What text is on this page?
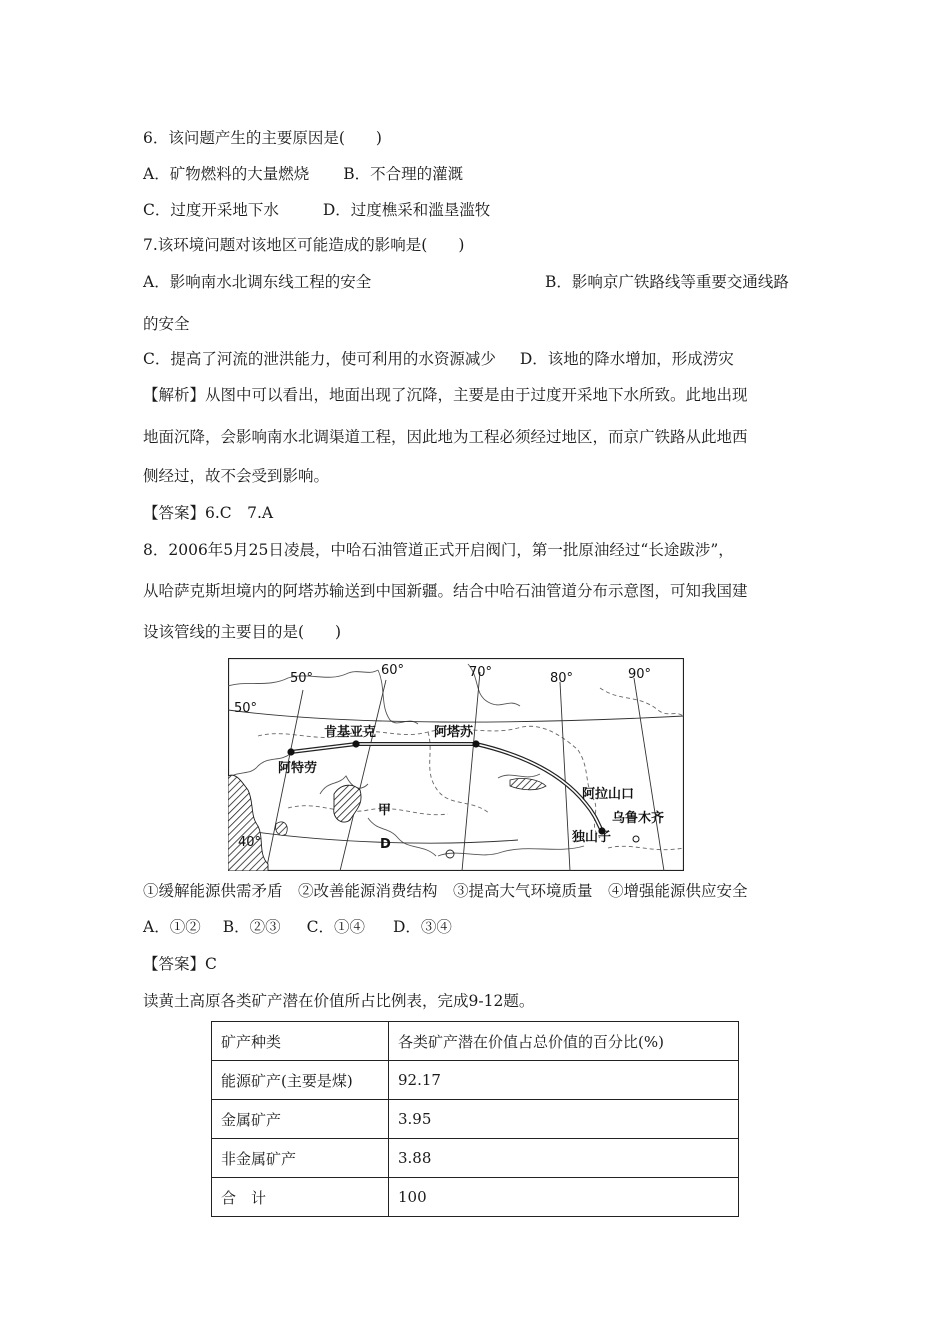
6．该问题产生的主要原因是(　　)
A．矿物燃料的大量燃烧 B．不合理的灌溉
C．过度开采地下水	D．过度樵采和滥垦滥牧
7.该环境问题对该地区可能造成的影响是(　　)
A．影响南水北调东线工程的安全	B．影响京广铁路线等重要交通线路
的安全
C．提高了河流的泄洪能力，使可利用的水资源减少 D．该地的降水增加，形成涝灾
【解析】从图中可以看出，地面出现了沉降，主要是由于过度开采地下水所致。此地出现
地面沉降，会影响南水北调渠道工程，因此地为工程必须经过地区，而京广铁路从此地西
侧经过，故不会受到影响。
【答案】6.C　7.A
8．2006年5月25日凌晨，中哈石油管道正式开启阀门，第一批原油经过“长途跋涉”，
从哈萨克斯坦境内的阿塔苏输送到中国新疆。结合中哈石油管道分布示意图，可知我国建
设该管线的主要目的是(　　)
50°
60°	70°	80°	90°
50°
40°
阿特劳
肯基亚克	阿塔苏
阿拉山口
乌鲁木齐
独山子
甲
D
①缓解能源供需矛盾　②改善能源消费结构　③提高大气环境质量　④增强能源供应安全
A．①② B．②③ C．①④ D．③④
【答案】C
读黄土高原各类矿产潜在价值所占比例表，完成9-12题。
矿产种类	各类矿产潜在价值占总价值的百分比(%)
能源矿产(主要是煤)	92.17
金属矿产	3.95
非金属矿产	3.88
合　计	100
